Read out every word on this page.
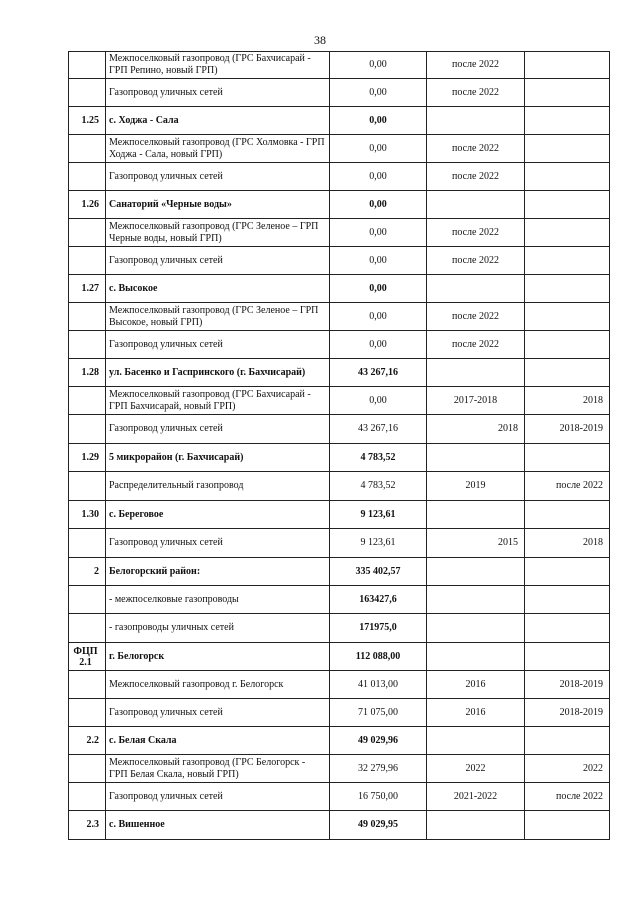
38
	Межпоселковый газопровод (ГРС Бахчисарай - ГРП Репино, новый ГРП)	0,00	после 2022	
	Газопровод уличных сетей	0,00	после 2022	
1.25	с. Ходжа - Сала	0,00		
	Межпоселковый газопровод (ГРС Холмовка - ГРП Ходжа - Сала, новый ГРП)	0,00	после 2022	
	Газопровод уличных сетей	0,00	после 2022	
1.26	Санаторий «Черные воды»	0,00		
	Межпоселковый газопровод (ГРС Зеленое – ГРП Черные воды, новый ГРП)	0,00	после 2022	
	Газопровод уличных сетей	0,00	после 2022	
1.27	с. Высокое	0,00		
	Межпоселковый газопровод (ГРС Зеленое – ГРП Высокое, новый ГРП)	0,00	после 2022	
	Газопровод уличных сетей	0,00	после 2022	
1.28	ул. Басенко и Гаспринского (г. Бахчисарай)	43 267,16		
	Межпоселковый газопровод (ГРС Бахчисарай - ГРП Бахчисарай, новый ГРП)	0,00	2017-2018	2018
	Газопровод уличных сетей	43 267,16	2018	2018-2019
1.29	5 микрорайон (г. Бахчисарай)	4 783,52		
	Распределительный газопровод	4 783,52	2019	после 2022
1.30	с. Береговое	9 123,61		
	Газопровод уличных сетей	9 123,61	2015	2018
2	Белогорский район:	335 402,57		
	- межпоселковые газопроводы	163427,6		
	- газопроводы уличных сетей	171975,0		
ФЦП 2.1	г. Белогорск	112 088,00		
	Межпоселковый газопровод г. Белогорск	41 013,00	2016	2018-2019
	Газопровод уличных сетей	71 075,00	2016	2018-2019
2.2	с. Белая Скала	49 029,96		
	Межпоселковый газопровод (ГРС Белогорск - ГРП Белая Скала, новый ГРП)	32 279,96	2022	2022
	Газопровод уличных сетей	16 750,00	2021-2022	после 2022
2.3	с. Вишенное	49 029,95		
